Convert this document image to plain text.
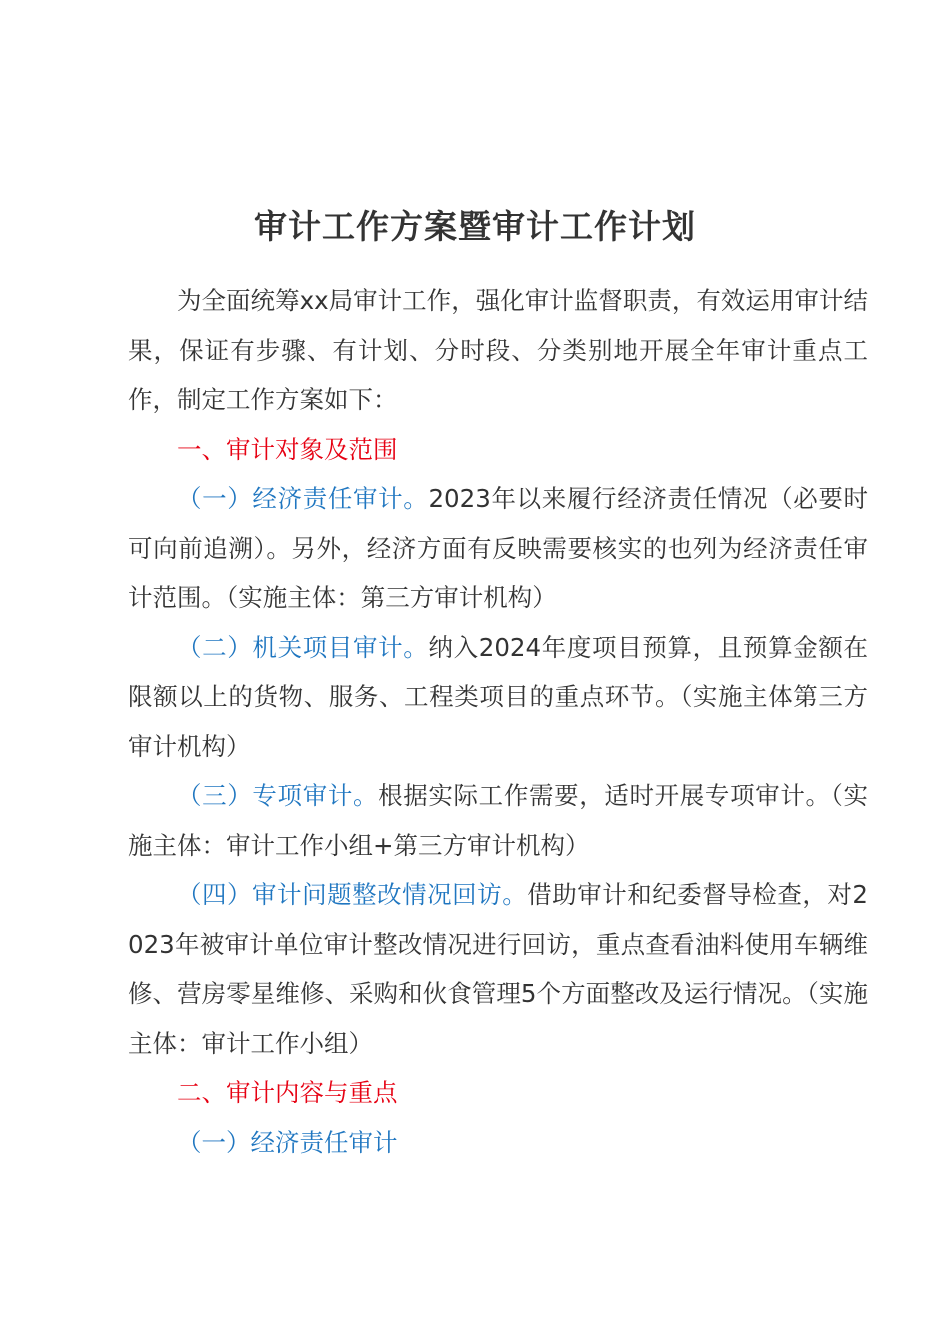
审计工作方案暨审计工作计划

为全面统筹xx局审计工作，强化审计监督职责，有效运用审计结果，保证有步骤、有计划、分时段、分类别地开展全年审计重点工作，制定工作方案如下：

一、审计对象及范围

（一）经济责任审计。2023年以来履行经济责任情况（必要时可向前追溯）。另外，经济方面有反映需要核实的也列为经济责任审计范围。（实施主体：第三方审计机构）

（二）机关项目审计。纳入2024年度项目预算，且预算金额在限额以上的货物、服务、工程类项目的重点环节。（实施主体第三方审计机构）

（三）专项审计。根据实际工作需要，适时开展专项审计。（实施主体：审计工作小组+第三方审计机构）

（四）审计问题整改情况回访。借助审计和纪委督导检查，对2023年被审计单位审计整改情况进行回访，重点查看油料使用车辆维修、营房零星维修、采购和伙食管理5个方面整改及运行情况。（实施主体：审计工作小组）

二、审计内容与重点

（一）经济责任审计
